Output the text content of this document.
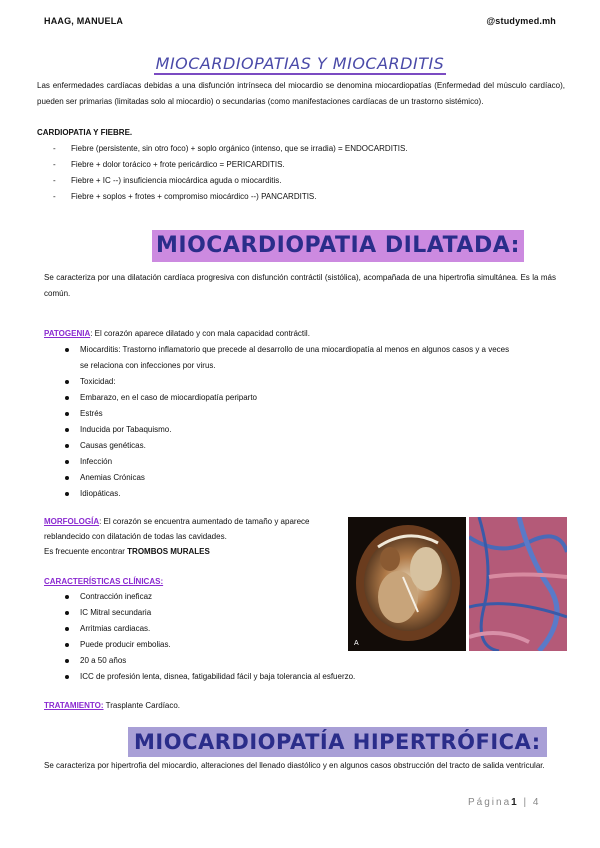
HAAG, MANUELA	@studymed.mh
MIOCARDIOPATIAS Y MIOCARDITIS
Las enfermedades cardíacas debidas a una disfunción intrínseca del miocardio se denomina miocardiopatías (Enfermedad del músculo cardíaco), pueden ser primarias (limitadas solo al miocardio) o secundarias (como manifestaciones cardíacas de un trastorno sistémico).
CARDIOPATIA Y FIEBRE.
- Fiebre (persistente, sin otro foco) + soplo orgánico (intenso, que se irradia) = ENDOCARDITIS.
- Fiebre + dolor torácico + frote pericárdico = PERICARDITIS.
- Fiebre + IC --) insuficiencia miocárdica aguda o miocarditis.
- Fiebre + soplos + frotes + compromiso miocárdico --) PANCARDITIS.
MIOCARDIOPATIA DILATADA:
Se caracteriza por una dilatación cardíaca progresiva con disfunción contráctil (sistólica), acompañada de una hipertrofia simultánea. Es la más común.
PATOGENIA: El corazón aparece dilatado y con mala capacidad contráctil.
Miocarditis: Trastorno inflamatorio que precede al desarrollo de una miocardiopatía al menos en algunos casos y a veces
se relaciona con infecciones por virus.
Toxicidad:
Embarazo, en el caso de miocardiopatía periparto
Estrés
Inducida por Tabaquismo.
Causas genéticas.
Infección
Anemias Crónicas
Idiopáticas.
MORFOLOGÍA: El corazón se encuentra aumentado de tamaño y aparece
reblandecido con dilatación de todas las cavidades.
Es frecuente encontrar TROMBOS MURALES
A
CARACTERÍSTICAS CLÍNICAS:
Contracción ineficaz
IC Mitral secundaria
Arritmias cardiacas.
Puede producir embolias.
20 a 50 años
ICC de profesión lenta, disnea, fatigabilidad fácil y baja tolerancia al esfuerzo.
TRATAMIENTO: Trasplante Cardíaco.
MIOCARDIOPATÍA HIPERTRÓFICA:
Se caracteriza por hipertrofia del miocardio, alteraciones del llenado diastólico y en algunos casos obstrucción del tracto de salida ventricular.
Página1 | 4
